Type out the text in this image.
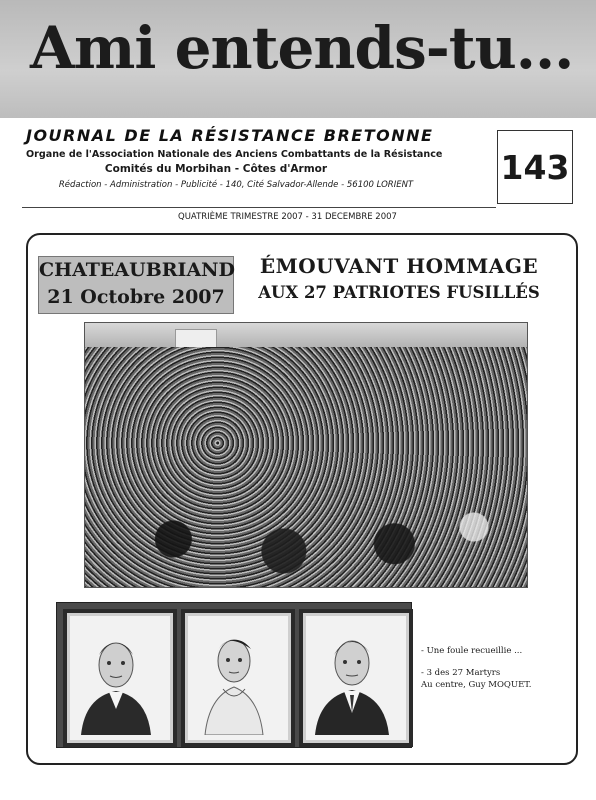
Ami entends-tu...
JOURNAL DE LA RÉSISTANCE BRETONNE
Organe de l'Association Nationale des Anciens Combattants de la Résistance
Comités du Morbihan - Côtes d'Armor
Rédaction - Administration - Publicité - 140, Cité Salvador-Allende - 56100 LORIENT	143
QUATRIÈME TRIMESTRE 2007 - 31 DECEMBRE 2007
CHATEAUBRIAND
21 Octobre 2007
ÉMOUVANT HOMMAGE
AUX 27 PATRIOTES FUSILLÉS
- Une foule recueillie ...
- 3 des 27 Martyrs
Au centre, Guy MOQUET.
